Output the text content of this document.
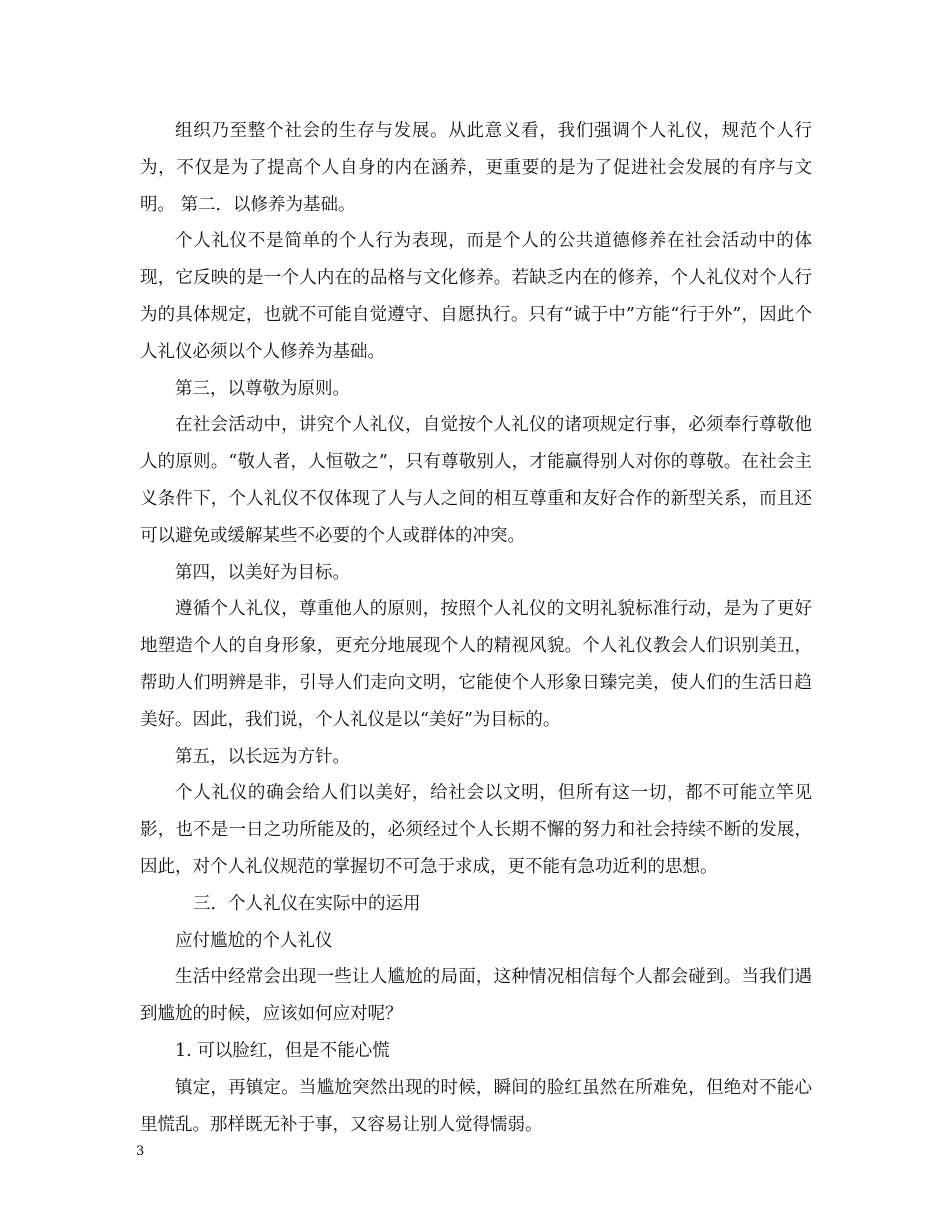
组织乃至整个社会的生存与发展。从此意义看，我们强调个人礼仪，规范个人行为，不仅是为了提高个人自身的内在涵养，更重要的是为了促进社会发展的有序与文明。 第二．以修养为基础。

个人礼仪不是简单的个人行为表现，而是个人的公共道德修养在社会活动中的体现，它反映的是一个人内在的品格与文化修养。若缺乏内在的修养，个人礼仪对个人行为的具体规定，也就不可能自觉遵守、自愿执行。只有“诚于中”方能“行于外”，因此个人礼仪必须以个人修养为基础。

第三，以尊敬为原则。

在社会活动中，讲究个人礼仪，自觉按个人礼仪的诸项规定行事，必须奉行尊敬他人的原则。“敬人者，人恒敬之”，只有尊敬别人，才能赢得别人对你的尊敬。在社会主义条件下，个人礼仪不仅体现了人与人之间的相互尊重和友好合作的新型关系，而且还可以避免或缓解某些不必要的个人或群体的冲突。

第四，以美好为目标。

遵循个人礼仪，尊重他人的原则，按照个人礼仪的文明礼貌标准行动，是为了更好地塑造个人的自身形象，更充分地展现个人的精视风貌。个人礼仪教会人们识别美丑，帮助人们明辨是非，引导人们走向文明，它能使个人形象日臻完美，使人们的生活日趋美好。因此，我们说，个人礼仪是以“美好”为目标的。

第五，以长远为方针。

个人礼仪的确会给人们以美好，给社会以文明，但所有这一切，都不可能立竿见影，也不是一日之功所能及的，必须经过个人长期不懈的努力和社会持续不断的发展，因此，对个人礼仪规范的掌握切不可急于求成，更不能有急功近利的思想。

三．个人礼仪在实际中的运用

应付尴尬的个人礼仪

生活中经常会出现一些让人尴尬的局面，这种情况相信每个人都会碰到。当我们遇到尴尬的时候，应该如何应对呢？

1. 可以脸红，但是不能心慌

镇定，再镇定。当尴尬突然出现的时候，瞬间的脸红虽然在所难免，但绝对不能心里慌乱。那样既无补于事，又容易让别人觉得懦弱。

3
